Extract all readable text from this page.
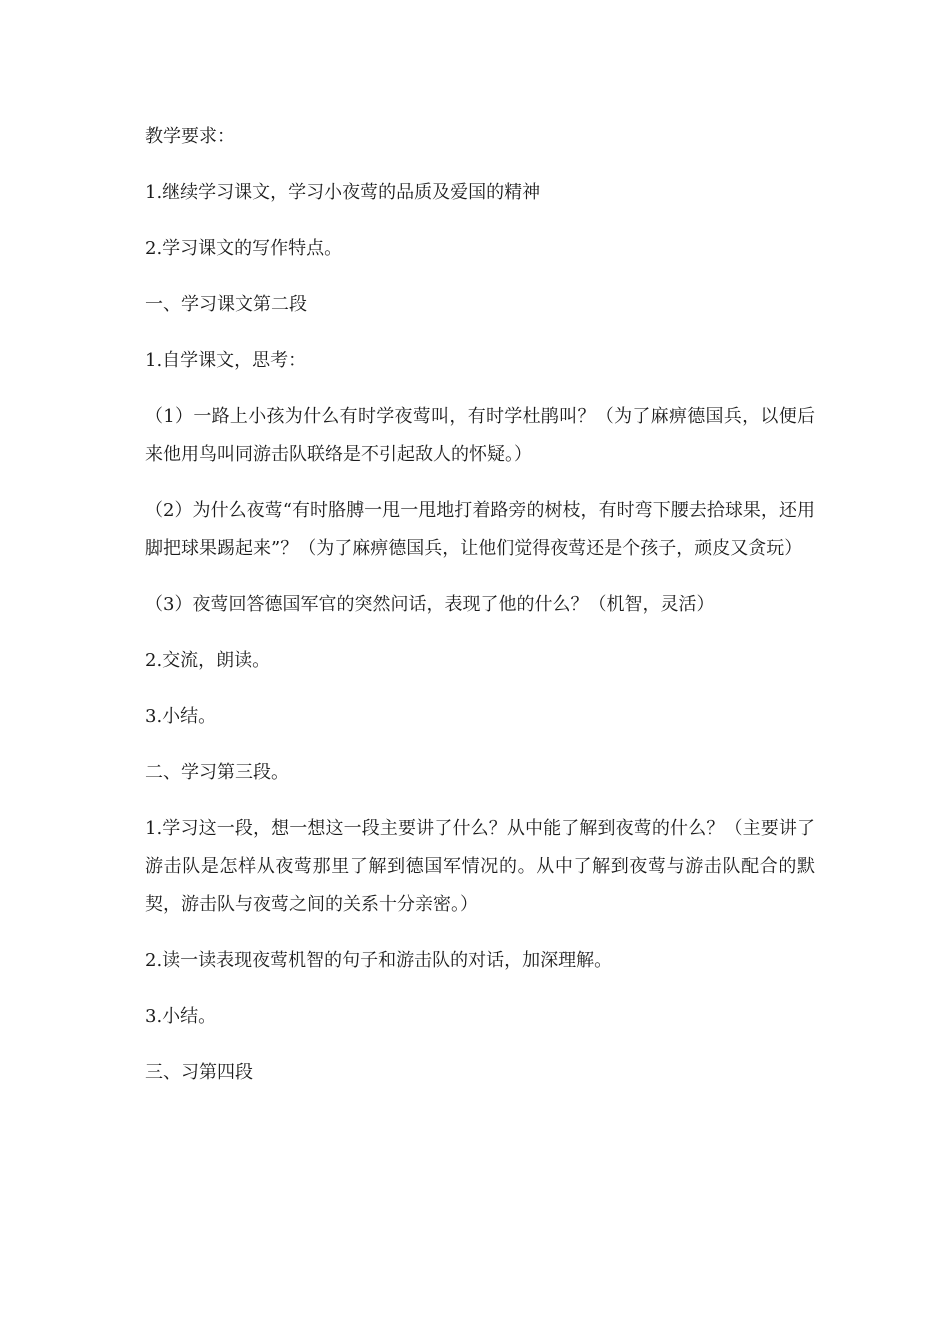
教学要求：

1.继续学习课文，学习小夜莺的品质及爱国的精神

2.学习课文的写作特点。

一、学习课文第二段

1.自学课文，思考：

（1）一路上小孩为什么有时学夜莺叫，有时学杜鹃叫？（为了麻痹德国兵，以便后来他用鸟叫同游击队联络是不引起敌人的怀疑。）

（2）为什么夜莺“有时胳膊一甩一甩地打着路旁的树枝，有时弯下腰去拾球果，还用脚把球果踢起来”？（为了麻痹德国兵，让他们觉得夜莺还是个孩子，顽皮又贪玩）

（3）夜莺回答德国军官的突然问话，表现了他的什么？（机智，灵活）

2.交流，朗读。

3.小结。

二、学习第三段。

1.学习这一段，想一想这一段主要讲了什么？从中能了解到夜莺的什么？（主要讲了游击队是怎样从夜莺那里了解到德国军情况的。从中了解到夜莺与游击队配合的默契，游击队与夜莺之间的关系十分亲密。）

2.读一读表现夜莺机智的句子和游击队的对话，加深理解。

3.小结。

三、习第四段
